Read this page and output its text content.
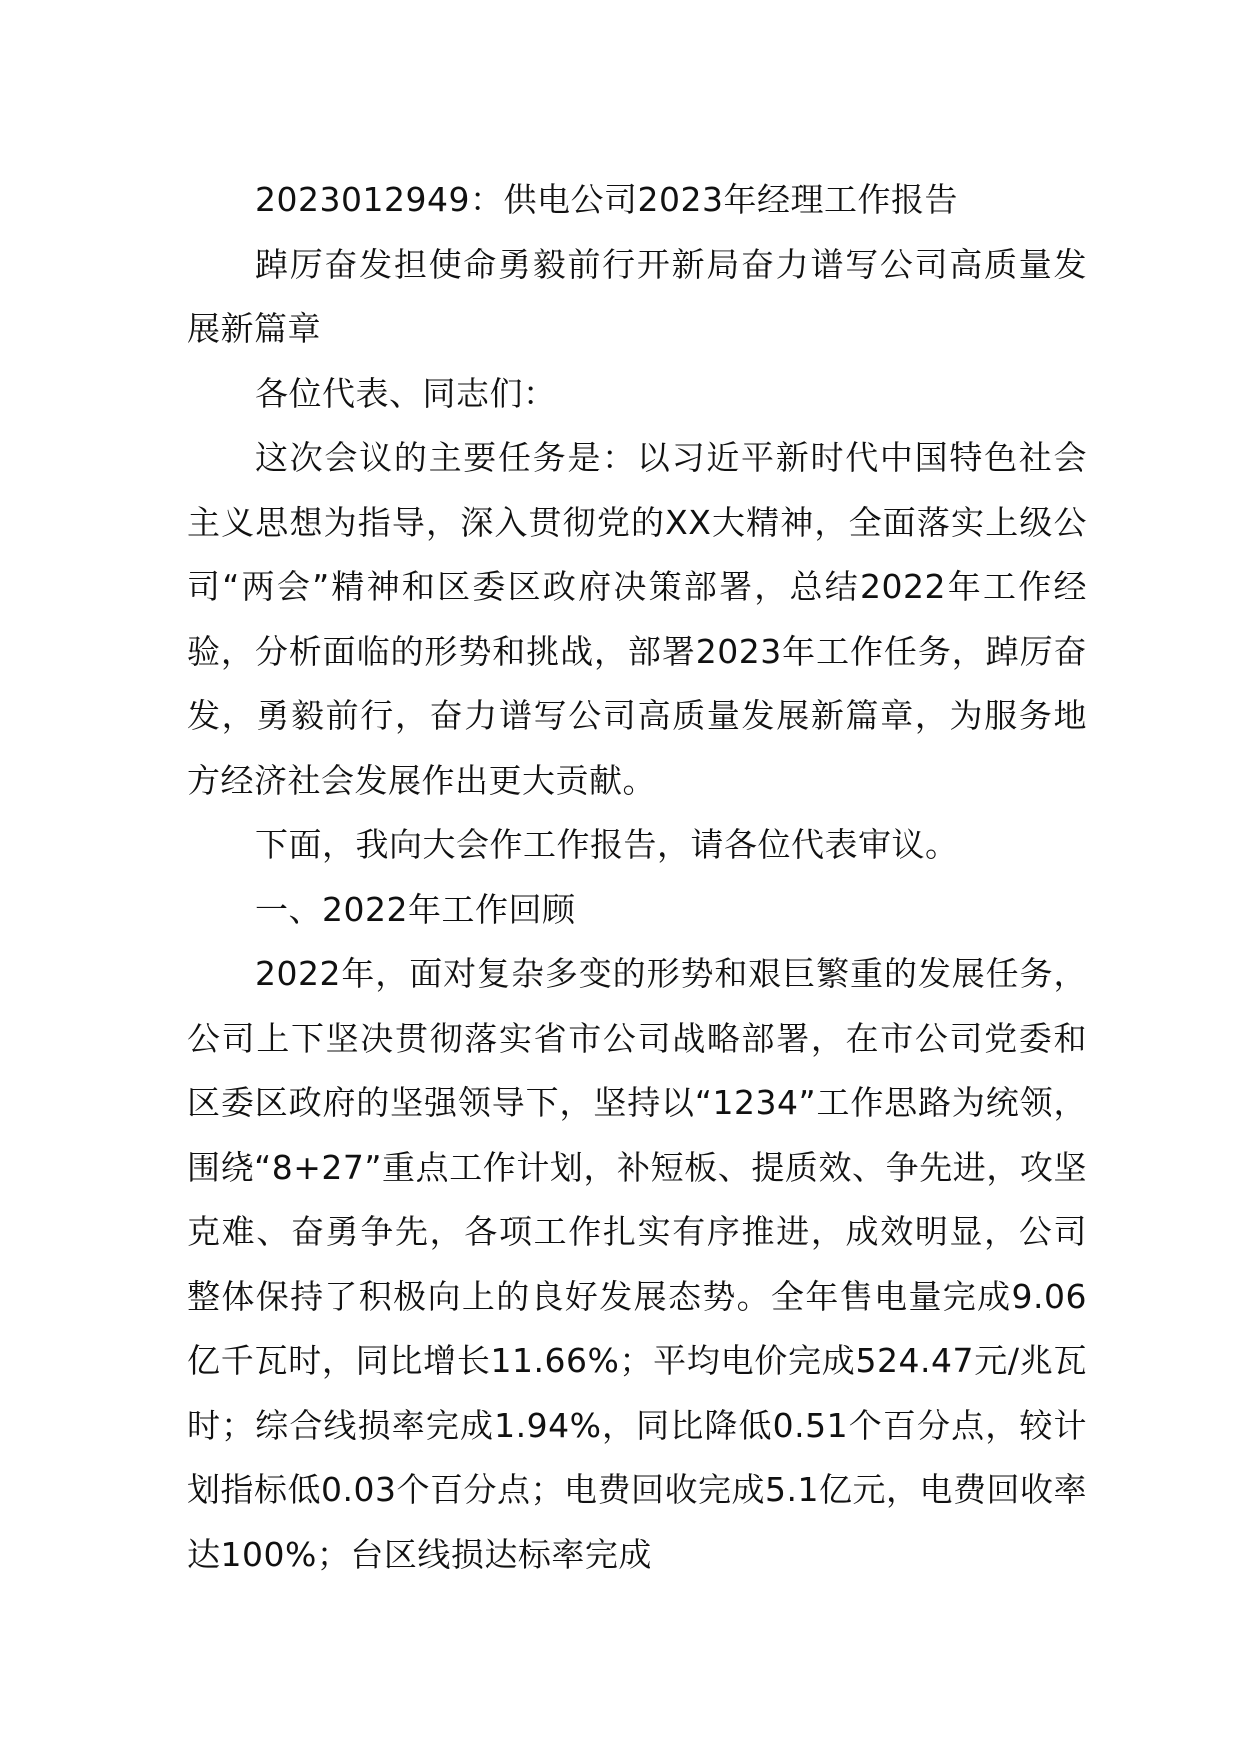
2023012949：供电公司2023年经理工作报告

踔厉奋发担使命勇毅前行开新局奋力谱写公司高质量发展新篇章

各位代表、同志们：

这次会议的主要任务是：以习近平新时代中国特色社会主义思想为指导，深入贯彻党的XX大精神，全面落实上级公司“两会”精神和区委区政府决策部署，总结2022年工作经验，分析面临的形势和挑战，部署2023年工作任务，踔厉奋发，勇毅前行，奋力谱写公司高质量发展新篇章，为服务地方经济社会发展作出更大贡献。

下面，我向大会作工作报告，请各位代表审议。

一、2022年工作回顾

2022年，面对复杂多变的形势和艰巨繁重的发展任务，公司上下坚决贯彻落实省市公司战略部署，在市公司党委和区委区政府的坚强领导下，坚持以“1234”工作思路为统领，围绕“8+27”重点工作计划，补短板、提质效、争先进，攻坚克难、奋勇争先，各项工作扎实有序推进，成效明显，公司整体保持了积极向上的良好发展态势。全年售电量完成9.06亿千瓦时，同比增长11.66%；平均电价完成524.47元/兆瓦时；综合线损率完成1.94%，同比降低0.51个百分点，较计划指标低0.03个百分点；电费回收完成5.1亿元，电费回收率达100%；台区线损达标率完成
